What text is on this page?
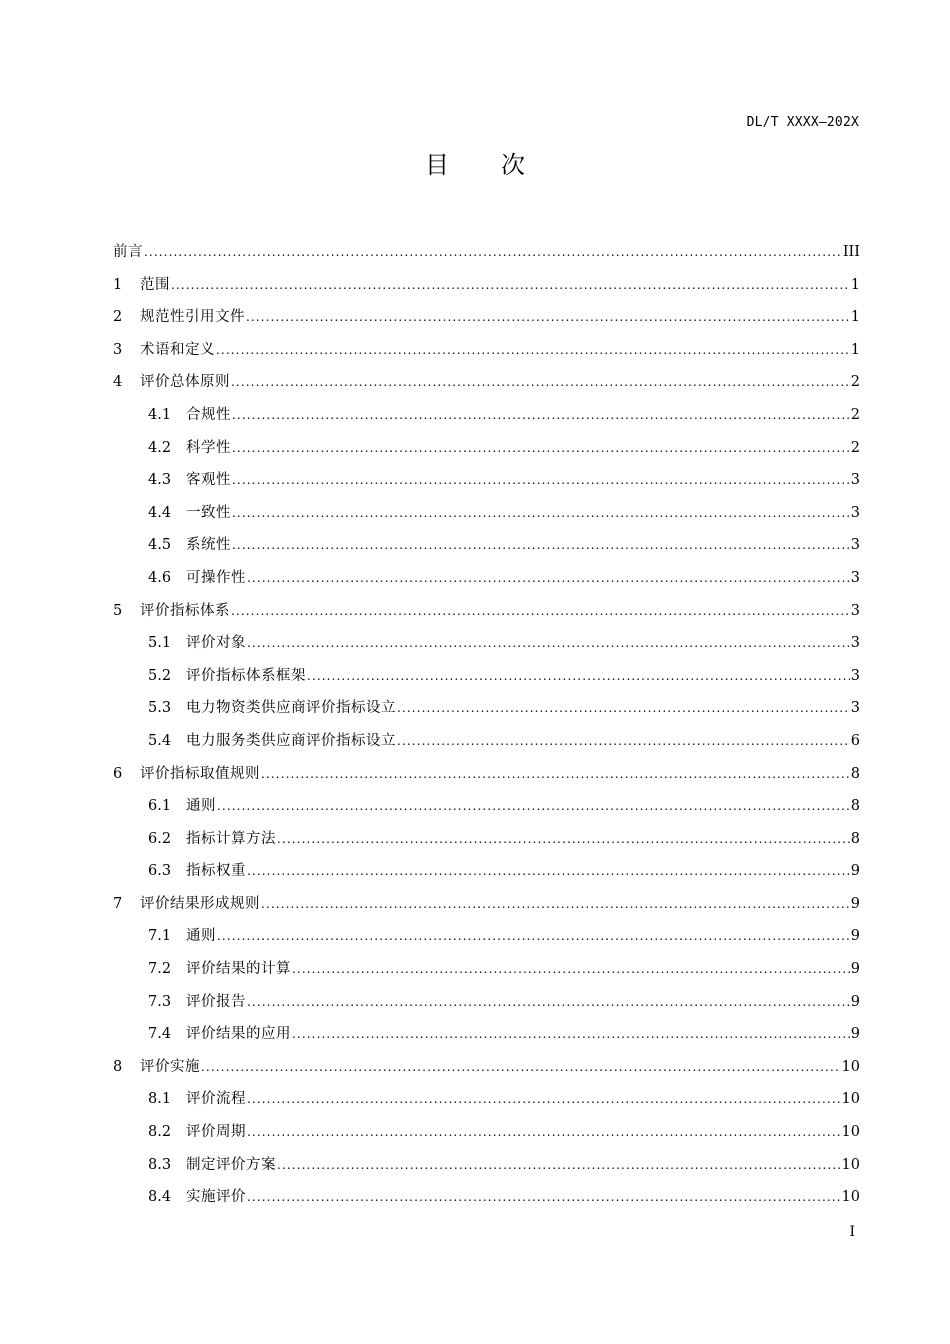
DL/T XXXX—202X
目 次
前言 .....	III
1	范围 .....	1
2	规范性引用文件 .....	1
3	术语和定义 .....	1
4	评价总体原则 .....	2
4.1	合规性 .....	2
4.2	科学性 .....	2
4.3	客观性 .....	3
4.4	一致性 .....	3
4.5	系统性 .....	3
4.6	可操作性 .....	3
5	评价指标体系 .....	3
5.1	评价对象 .....	3
5.2	评价指标体系框架 .....	3
5.3	电力物资类供应商评价指标设立 .....	3
5.4	电力服务类供应商评价指标设立 .....	6
6	评价指标取值规则 .....	8
6.1	通则 .....	8
6.2	指标计算方法 .....	8
6.3	指标权重 .....	9
7	评价结果形成规则 .....	9
7.1	通则 .....	9
7.2	评价结果的计算 .....	9
7.3	评价报告 .....	9
7.4	评价结果的应用 .....	9
8	评价实施 .....	10
8.1	评价流程 .....	10
8.2	评价周期 .....	10
8.3	制定评价方案 .....	10
8.4	实施评价 .....	10
I
